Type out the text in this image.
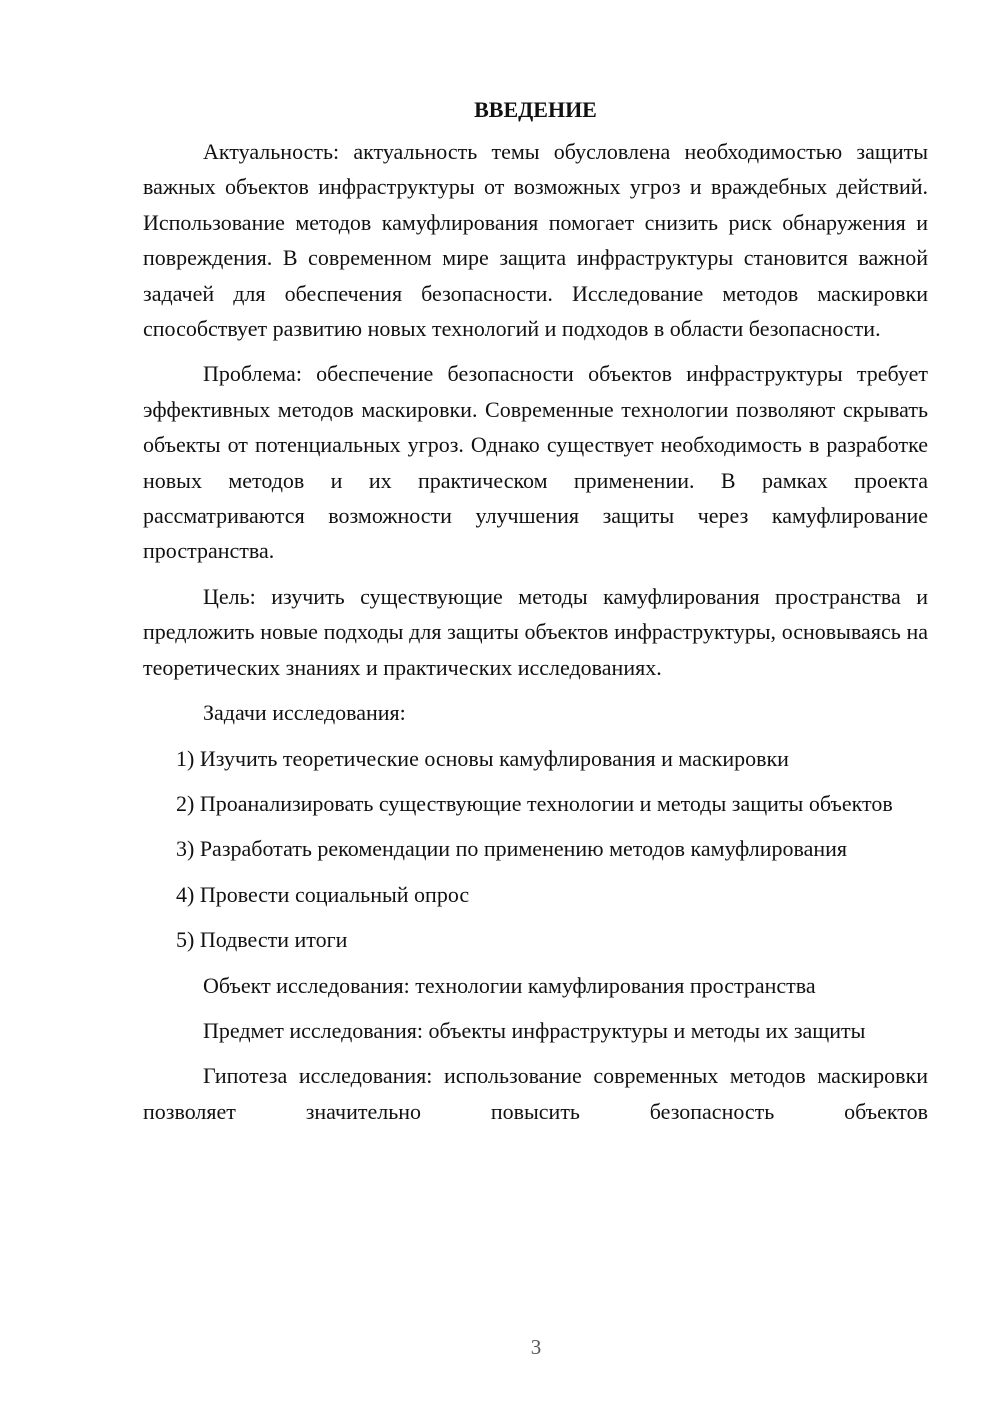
ВВЕДЕНИЕ

Актуальность: актуальность темы обусловлена необходимостью защиты важных объектов инфраструктуры от возможных угроз и враждебных действий. Использование методов камуфлирования помогает снизить риск обнаружения и повреждения. В современном мире защита инфраструктуры становится важной задачей для обеспечения безопасности. Исследование методов маскировки способствует развитию новых технологий и подходов в области безопасности.

Проблема: обеспечение безопасности объектов инфраструктуры требует эффективных методов маскировки. Современные технологии позволяют скрывать объекты от потенциальных угроз. Однако существует необходимость в разработке новых методов и их практическом применении. В рамках проекта рассматриваются возможности улучшения защиты через камуфлирование пространства.

Цель: изучить существующие методы камуфлирования пространства и предложить новые подходы для защиты объектов инфраструктуры, основываясь на теоретических знаниях и практических исследованиях.

Задачи исследования:

1) Изучить теоретические основы камуфлирования и маскировки

2) Проанализировать существующие технологии и методы защиты объектов

3) Разработать рекомендации по применению методов камуфлирования

4) Провести социальный опрос

5) Подвести итоги

Объект исследования: технологии камуфлирования пространства

Предмет исследования: объекты инфраструктуры и методы их защиты

Гипотеза исследования: использование современных методов маскировки позволяет значительно повысить безопасность объектов

3
